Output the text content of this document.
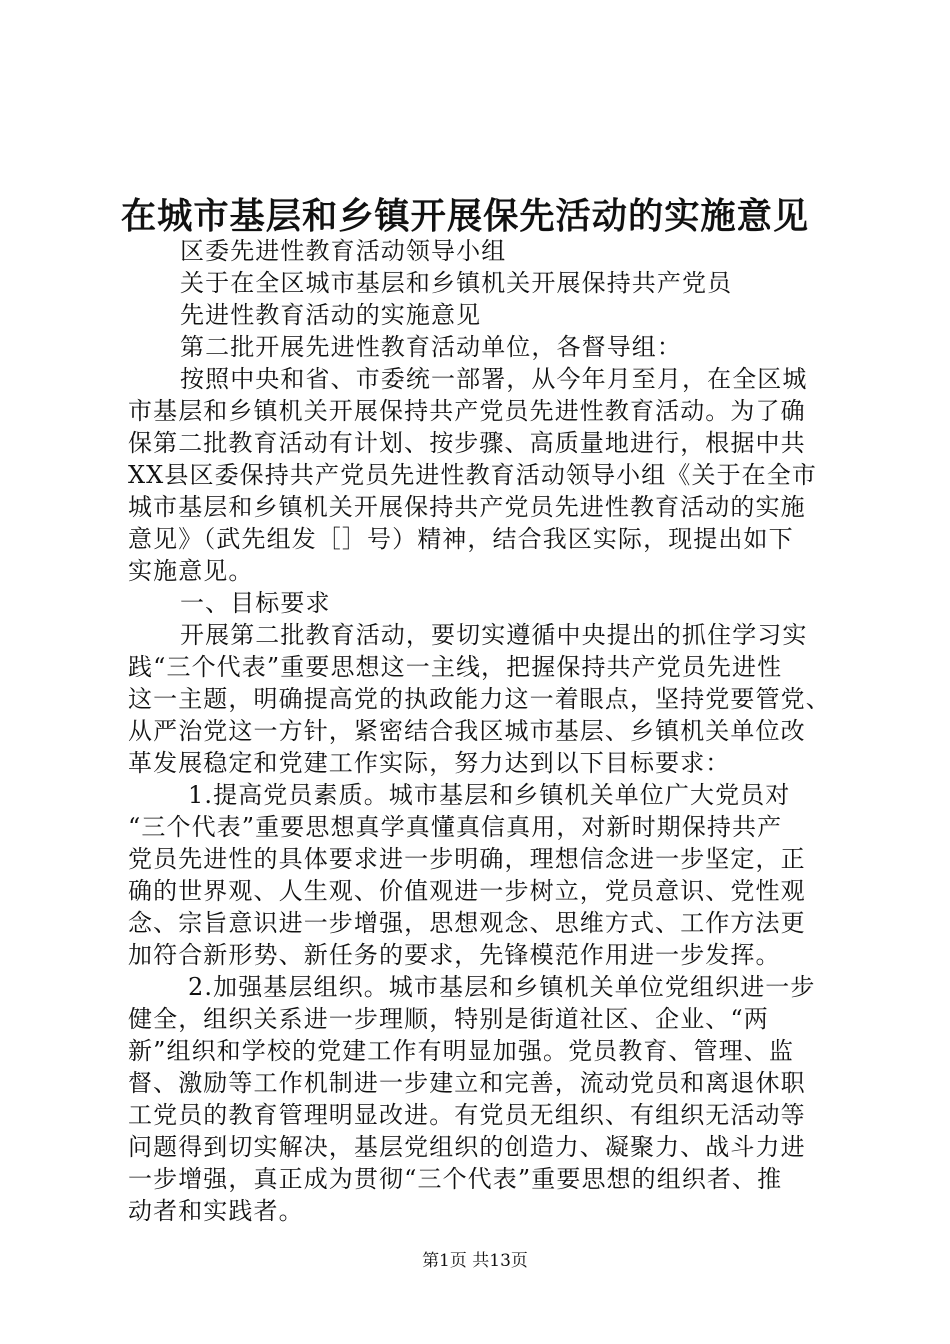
在城市基层和乡镇开展保先活动的实施意见
区委先进性教育活动领导小组
关于在全区城市基层和乡镇机关开展保持共产党员
先进性教育活动的实施意见
第二批开展先进性教育活动单位，各督导组：
按照中央和省、市委统一部署，从今年月至月，在全区城
市基层和乡镇机关开展保持共产党员先进性教育活动。为了确
保第二批教育活动有计划、按步骤、高质量地进行，根据中共
XX县区委保持共产党员先进性教育活动领导小组《关于在全市
城市基层和乡镇机关开展保持共产党员先进性教育活动的实施
意见》（武先组发［］号）精神，结合我区实际，现提出如下
实施意见。
一、目标要求
开展第二批教育活动，要切实遵循中央提出的抓住学习实
践“三个代表”重要思想这一主线，把握保持共产党员先进性
这一主题，明确提高党的执政能力这一着眼点，坚持党要管党、
从严治党这一方针，紧密结合我区城市基层、乡镇机关单位改
革发展稳定和党建工作实际，努力达到以下目标要求：
1.提高党员素质。城市基层和乡镇机关单位广大党员对
“三个代表”重要思想真学真懂真信真用，对新时期保持共产
党员先进性的具体要求进一步明确，理想信念进一步坚定，正
确的世界观、人生观、价值观进一步树立，党员意识、党性观
念、宗旨意识进一步增强，思想观念、思维方式、工作方法更
加符合新形势、新任务的要求，先锋模范作用进一步发挥。
2.加强基层组织。城市基层和乡镇机关单位党组织进一步
健全，组织关系进一步理顺，特别是街道社区、企业、“两
新”组织和学校的党建工作有明显加强。党员教育、管理、监
督、激励等工作机制进一步建立和完善，流动党员和离退休职
工党员的教育管理明显改进。有党员无组织、有组织无活动等
问题得到切实解决，基层党组织的创造力、凝聚力、战斗力进
一步增强，真正成为贯彻“三个代表”重要思想的组织者、推
动者和实践者。
第1页 共13页
